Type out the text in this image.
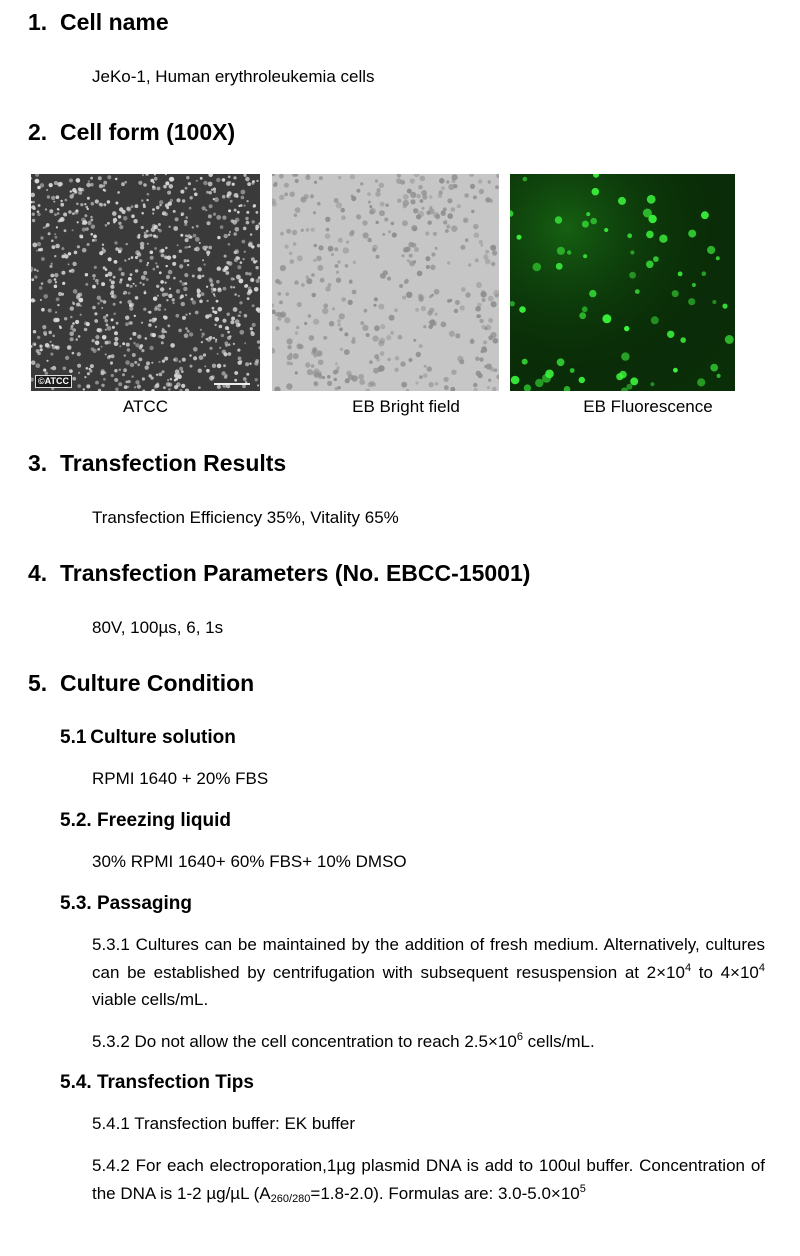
1. Cell name

JeKo-1, Human erythroleukemia cells

2. Cell form (100X)
©ATCC
ATCC	EB Bright field	EB Fluorescence
3. Transfection Results

Transfection Efficiency 35%, Vitality 65%

4. Transfection Parameters (No. EBCC-15001)

80V, 100µs, 6, 1s

5. Culture Condition
5.1 Culture solution

RPMI 1640 + 20% FBS

5.2. Freezing liquid

30% RPMI 1640+ 60% FBS+ 10% DMSO

5.3. Passaging

5.3.1 Cultures can be maintained by the addition of fresh medium. Alternatively, cultures can be established by centrifugation with subsequent resuspension at $2\times 10^4$ to $4\times 10^4$ viable cells/mL.

5.3.2 Do not allow the cell concentration to reach $2.5\times 10^6$ cells/mL.

5.4. Transfection Tips

5.4.1 Transfection buffer: EK buffer

5.4.2 For each electroporation,1µg plasmid DNA is add to 100ul buffer. Concentration of the DNA is 1-2 µg/µL $(A_{260/280}=1.8-2.0)$. Formulas are: $3.0-5.0\times 10^5$
